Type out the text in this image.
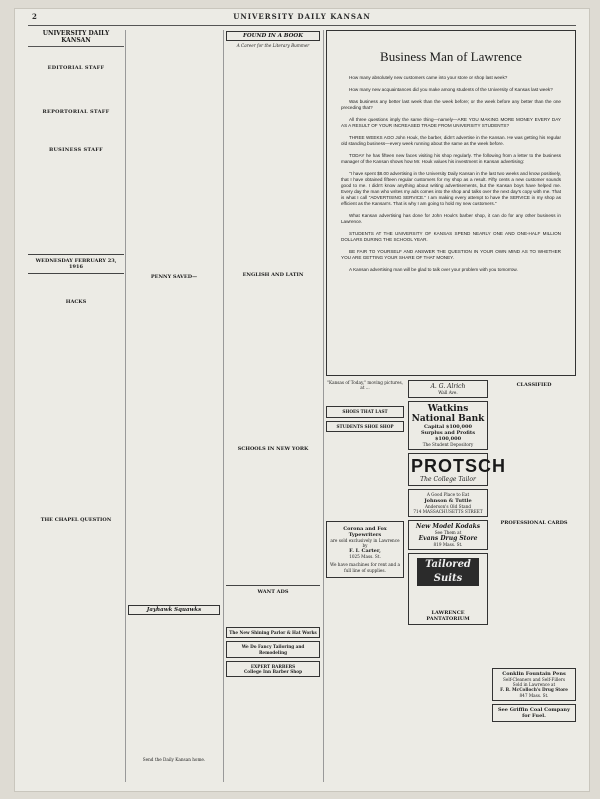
2	UNIVERSITY DAILY KANSAN
UNIVERSITY DAILY KANSAN
EDITORIAL STAFF
REPORTORIAL STAFF
BUSINESS STAFF
WEDNESDAY FEBRUARY 23, 1916
HACKS
THE CHAPEL QUESTION
PENNY SAVED—
Jayhawk Squawks
Send the Daily Kansan home.
FOUND IN A BOOK
A Career for the Literary Bummer
ENGLISH AND LATIN
SCHOOLS IN NEW YORK
WANT ADS
The New Shining Parlor & Hat Works
We Do Fancy Tailoring and Remodeling
EXPERT BARBERS
College Inn Barber Shop
Business Man of Lawrence

How many absolutely new customers came into your store or shop last week?

How many new acquaintances did you make among students of the University of Kansas last week?

Was business any better last week than the week before; or the week before any better than the one preceding that?

All three questions imply the same thing—namely—ARE YOU MAKING MORE MONEY EVERY DAY AS A RESULT OF YOUR INCREASED TRADE FROM UNIVERSITY STUDENTS?

THREE WEEKS AGO John Houk, the barber, didn't advertise in the Kansan. He was getting his regular old standing business—every week running about the same as the week before.

TODAY he has fifteen new faces visiting his shop regularly. The following from a letter to the business manager of the Kansan shows how Mr. Houk values his investment in Kansan advertising:

"I have spent $8.00 advertising in the University Daily Kansan in the last two weeks and know positively, that I have obtained fifteen regular customers for my shop as a result. Fifty cents a new customer sounds good to me. I didn't know anything about writing advertisements, but the Kansan boys have helped me. Every day the man who writes my ads comes into the shop and talks over the next day's copy with me. That is what I call "ADVERTISING SERVICE." I am making every attempt to have the SERVICE in my shop as efficient as the Kansan's. That is why I am going to hold my new customers."

What Kansan advertising has done for John Houk's barber shop, it can do for any other business in Lawrence.

STUDENTS AT THE UNIVERSITY OF KANSAS SPEND NEARLY ONE AND ONE-HALF MILLION DOLLARS DURING THE SCHOOL YEAR.

BE FAIR TO YOURSELF AND ANSWER THE QUESTION IN YOUR OWN MIND AS TO WHETHER YOU ARE GETTING YOUR SHARE OF THAT MONEY.

A Kansan advertising man will be glad to talk over your problem with you tomorrow.

"Kansas of Today," moving pictures, at ...
SHOES THAT LAST
STUDENTS SHOE SHOP
Corona and Fox Typewriters
are sold exclusively in Lawrence by
F. I. Carter,
1025 Mass. St.
We have machines for rent and a full line of supplies.
A. G. Alrich
Wall Ave.
Watkins National Bank
Capital $100,000
Surplus and Profits $100,000
The Student Depository
PROTSCH
The College Tailor
A Good Place to Eat
Johnson & Tuttle
Anderson's Old Stand
714 MASSACHUSETTS STREET
New Model Kodaks
See Them at
Evans Drug Store
819 Mass. St.
Tailored Suits
LAWRENCE PANTATORIUM
CLASSIFIED
PROFESSIONAL CARDS
Conklin Fountain Pens
Self-Cleaners and Self-Fillers
Sold in Lawrence at
F. B. McColloch's Drug Store
847 Mass. St.
See Griffin Coal Company for Fuel.
